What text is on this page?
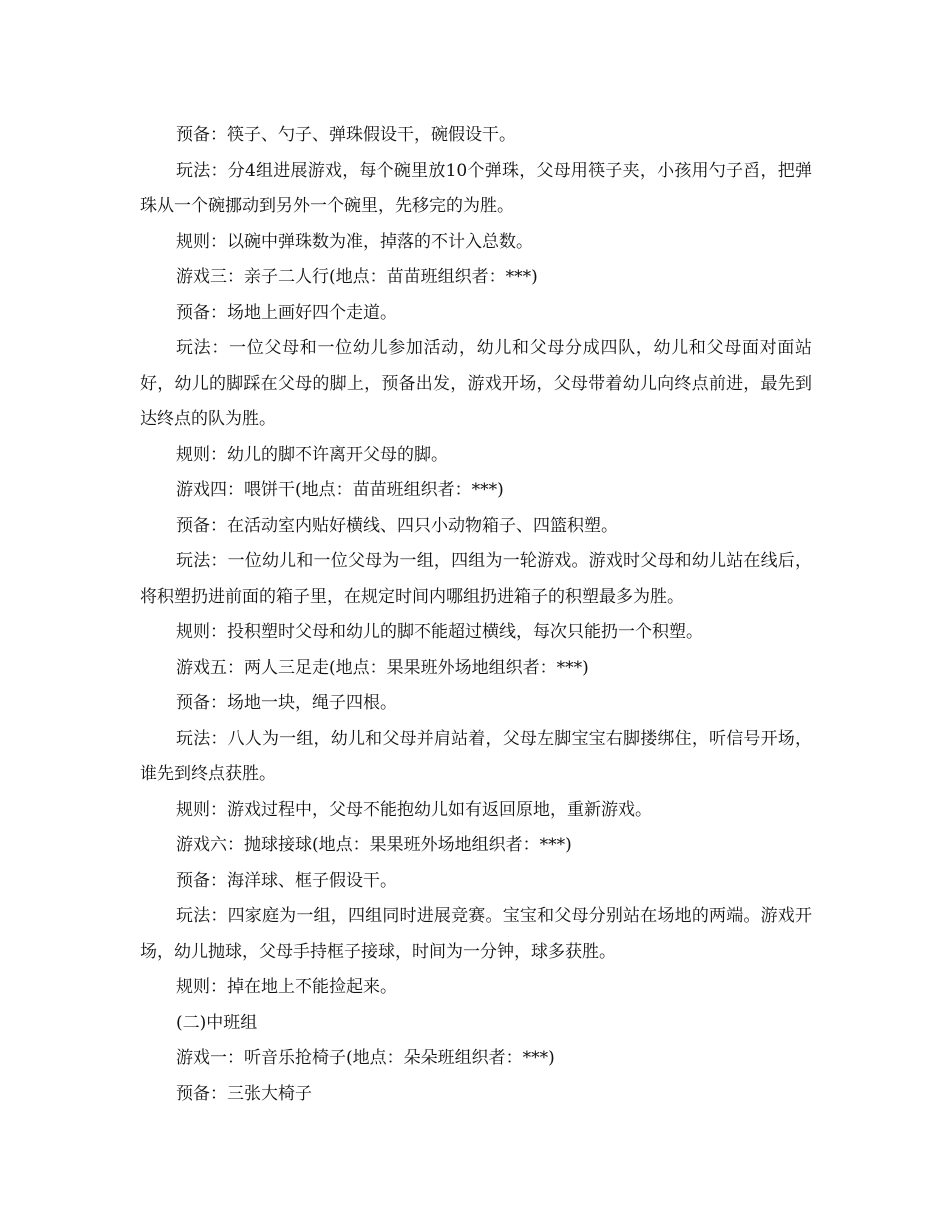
预备：筷子、勺子、弹珠假设干，碗假设干。

玩法：分4组进展游戏，每个碗里放10个弹珠，父母用筷子夹，小孩用勺子舀，把弹珠从一个碗挪动到另外一个碗里，先移完的为胜。

规则：以碗中弹珠数为准，掉落的不计入总数。

游戏三：亲子二人行(地点：苗苗班组织者：***)

预备：场地上画好四个走道。

玩法：一位父母和一位幼儿参加活动，幼儿和父母分成四队，幼儿和父母面对面站好，幼儿的脚踩在父母的脚上，预备出发，游戏开场，父母带着幼儿向终点前进，最先到达终点的队为胜。

规则：幼儿的脚不许离开父母的脚。

游戏四：喂饼干(地点：苗苗班组织者：***)

预备：在活动室内贴好横线、四只小动物箱子、四篮积塑。

玩法：一位幼儿和一位父母为一组，四组为一轮游戏。游戏时父母和幼儿站在线后，将积塑扔进前面的箱子里，在规定时间内哪组扔进箱子的积塑最多为胜。

规则：投积塑时父母和幼儿的脚不能超过横线，每次只能扔一个积塑。

游戏五：两人三足走(地点：果果班外场地组织者：***)

预备：场地一块，绳子四根。

玩法：八人为一组，幼儿和父母并肩站着，父母左脚宝宝右脚搂绑住，听信号开场，谁先到终点获胜。

规则：游戏过程中，父母不能抱幼儿如有返回原地，重新游戏。

游戏六：抛球接球(地点：果果班外场地组织者：***)

预备：海洋球、框子假设干。

玩法：四家庭为一组，四组同时进展竞赛。宝宝和父母分别站在场地的两端。游戏开场，幼儿抛球，父母手持框子接球，时间为一分钟，球多获胜。

规则：掉在地上不能捡起来。

(二)中班组

游戏一：听音乐抢椅子(地点：朵朵班组织者：***)

预备：三张大椅子
